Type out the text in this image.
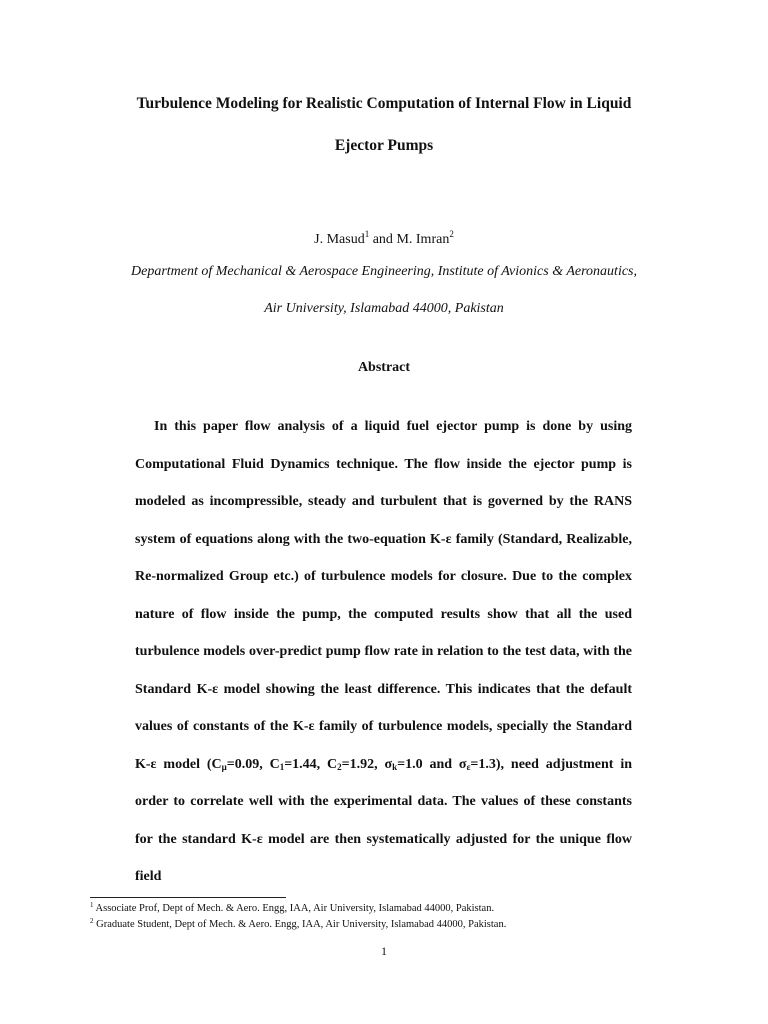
Turbulence Modeling for Realistic Computation of Internal Flow in Liquid
Ejector Pumps
J. Masud$^1$ and M. Imran$^2$
Department of Mechanical & Aerospace Engineering, Institute of Avionics & Aeronautics,
Air University, Islamabad 44000, Pakistan
Abstract

In this paper flow analysis of a liquid fuel ejector pump is done by using Computational Fluid Dynamics technique. The flow inside the ejector pump is modeled as incompressible, steady and turbulent that is governed by the RANS system of equations along with the two-equation K-ε family (Standard, Realizable, Re-normalized Group etc.) of turbulence models for closure. Due to the complex nature of flow inside the pump, the computed results show that all the used turbulence models over-predict pump flow rate in relation to the test data, with the Standard K-ε model showing the least difference. This indicates that the default values of constants of the K-ε family of turbulence models, specially the Standard K-ε model ($C_\mu=0.09$, $C_1=1.44$, $C_2=1.92$, $\sigma_k=1.0$ and $\sigma_\varepsilon=1.3$), need adjustment in order to correlate well with the experimental data. The values of these constants for the standard K-ε model are then systematically adjusted for the unique flow field

$^1$ Associate Prof, Dept of Mech. & Aero. Engg, IAA, Air University, Islamabad 44000, Pakistan.
$^2$ Graduate Student, Dept of Mech. & Aero. Engg, IAA, Air University, Islamabad 44000, Pakistan.
1
